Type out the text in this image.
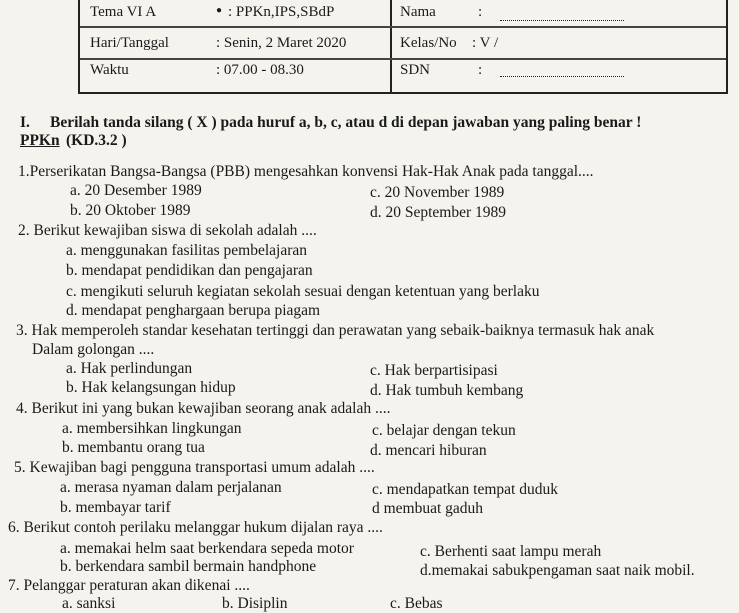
Tema VI A	● : PPKn,IPS,SBdP	Nama	:
Hari/Tanggal	: Senin, 2 Maret 2020	Kelas/No : V /
Waktu	: 07.00 - 08.30	SDN	:
I. Berilah tanda silang ( X ) pada huruf a, b, c, atau d di depan jawaban yang paling benar !
PPKn (KD.3.2 )
1.Perserikatan Bangsa-Bangsa (PBB) mengesahkan konvensi Hak-Hak Anak pada tanggal....
a. 20 Desember 1989	c. 20 November 1989
b. 20 Oktober 1989	d. 20 September 1989
2. Berikut kewajiban siswa di sekolah adalah ....
a. menggunakan fasilitas pembelajaran
b. mendapat pendidikan dan pengajaran
c. mengikuti seluruh kegiatan sekolah sesuai dengan ketentuan yang berlaku
d. mendapat penghargaan berupa piagam
3. Hak memperoleh standar kesehatan tertinggi dan perawatan yang sebaik-baiknya termasuk hak anak
Dalam golongan ....
a. Hak perlindungan	c. Hak berpartisipasi
b. Hak kelangsungan hidup	d. Hak tumbuh kembang
4. Berikut ini yang bukan kewajiban seorang anak adalah ....
a. membersihkan lingkungan	c. belajar dengan tekun
b. membantu orang tua	d. mencari hiburan
5. Kewajiban bagi pengguna transportasi umum adalah ....
a. merasa nyaman dalam perjalanan	c. mendapatkan tempat duduk
b. membayar tarif	d membuat gaduh
6. Berikut contoh perilaku melanggar hukum dijalan raya ....
a. memakai helm saat berkendara sepeda motor	c. Berhenti saat lampu merah
b. berkendara sambil bermain handphone	d.memakai sabukpengaman saat naik mobil.
7. Pelanggar peraturan akan dikenai ....
a. sanksi	b. Disiplin	c. Bebas
